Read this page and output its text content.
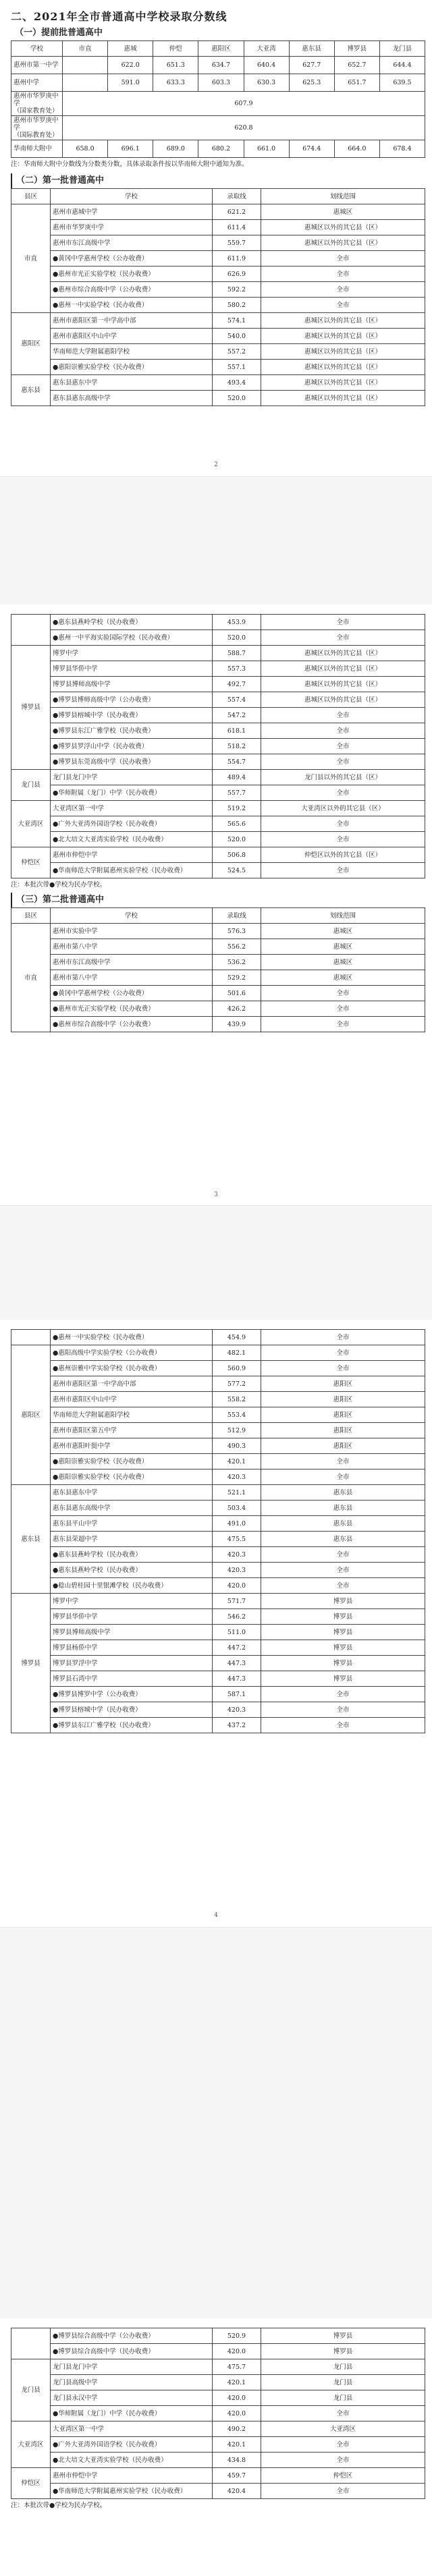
二、2021年全市普通高中学校录取分数线
（一）提前批普通高中
学校	市直	惠城	仲恺	惠阳区	大亚湾	惠东县	博罗县	龙门县
惠州市第一中学		622.0	651.3	634.7	640.4	627.7	652.7	644.4
惠州中学		591.0	633.3	603.3	630.3	625.3	651.7	639.5

惠州市华罗庚中学
（国家教育处）	607.9							

惠州市华罗庚中学
（国际教育处）	620.8							
华南师大附中	658.0	696.1	689.0	680.2	661.0	674.4	664.0	678.4
注：华南师大附中分数线为分数类分数，具体录取条件按以华南师大附中通知为准。
（二）第一批普通高中
县区	学校	录取线	划线范围
市直	惠州市惠城中学	621.2	惠城区
	惠州市华罗庚中学	611.4	惠城区以外的其它县（区）
	惠州市东江高级中学	559.7	惠城区以外的其它县（区）
	●黄冈中学惠州学校（公办收费）	611.9	全市
	●惠州市光正实验学校（民办收费）	626.9	全市
	●惠州市综合高级中学（公办收费）	592.2	全市
	●惠州一中实验学校（民办收费）	580.2	全市
惠阳区	惠州市惠阳区第一中学高中部	574.1	惠城区以外的其它县（区）
	惠州市惠阳区中山中学	540.0	惠城区以外的其它县（区）
	华南师范大学附属惠阳学校	557.2	惠城区以外的其它县（区）
	●惠阳崇雅实验学校（民办收费）	557.1	惠城区以外的其它县（区）
惠东县	惠东县惠东中学	493.4	惠城区以外的其它县（区）
	惠东县惠东高级中学	520.0	惠城区以外的其它县（区）
2
	●惠东县燕岭学校（民办收费）	453.9	全市
	●惠州一中平海实验国际学校（民办收费）	520.0	全市
博罗县	博罗中学	588.7	惠城区以外的其它县（区）
	博罗县华侨中学	557.3	惠城区以外的其它县（区）
	博罗县博师高级中学	492.7	惠城区以外的其它县（区）
	●博罗县博师高级中学（公办收费）	557.4	惠城区以外的其它县（区）
	●博罗县榕城中学（民办收费）	547.2	全市
	●博罗县东江广雅学校（民办收费）	618.1	全市
	●博罗县罗浮山中学（民办收费）	518.2	全市
	●博罗县东莞高级中学（民办收费）	554.7	全市
龙门县	龙门县龙门中学	489.4	龙门县以外的其它县（区）
	●华师附属（龙门）中学（民办收费）	557.7	全市
大亚湾区	大亚湾区第一中学	519.2	大亚湾区以外的其它县（区）
	●广外大亚湾外国语学校（民办收费）	565.6	全市
	●北大培文大亚湾实验学校（民办收费）	520.0	全市
仲恺区	惠州市仲恺中学	506.8	仲恺区以外的其它县（区）
	●华南师范大学附属惠州实验学校（民办收费）	524.5	全市
注：本批次带●学校为民办学校。
（三）第二批普通高中
县区	学校	录取线	划线范围
市直	惠州市实验中学	576.3	惠城区
	惠州市第八中学	556.2	惠城区
	惠州市东江高级中学	536.2	惠城区
	惠州市第八中学	529.2	惠城区
	●黄冈中学惠州学校（公办收费）	501.6	全市
	●惠州市光正实验学校（民办收费）	426.2	全市
	●惠州市综合高级中学（公办收费）	439.9	全市
3
	●惠州一中实验学校（民办收费）	454.9	全市
惠阳区	●惠阳高级中学实验学校（公办收费）	482.1	全市
	●惠州崇雅中学实验学校（民办收费）	560.9	全市
	惠州市惠阳区第一中学高中部	577.2	惠阳区
	惠州市惠阳区中山中学	558.2	惠阳区
	华南师范大学附属惠阳学校	553.4	惠阳区
	惠州市惠阳区第五中学	512.9	惠阳区
	惠州市惠阳叶挺中学	490.3	惠阳区
	●惠阳崇雅实验学校（民办收费）	420.1	全市
	●惠阳崇雅实验学校（民办收费）	420.3	全市
惠东县	惠东县惠东中学	521.1	惠东县
	惠东县惠东高级中学	503.4	惠东县
	惠东县平山中学	491.0	惠东县
	惠东县荣超中学	475.5	惠东县
	●惠东县燕岭学校（民办收费）	420.3	全市
	●惠东县燕岭学校（民办收费）	420.3	全市
	●稔山碧桂园十里银滩学校（民办收费）	420.0	全市
博罗县	博罗中学	571.7	博罗县
	博罗县华侨中学	546.2	博罗县
	博罗县博师高级中学	511.0	博罗县
	博罗县杨侨中学	447.2	博罗县
	博罗县罗浮中学	447.3	博罗县
	博罗县石湾中学	447.3	博罗县
	●博罗县博罗中学（公办收费）	587.1	全市
	●博罗县榕城中学（民办收费）	420.3	全市
	●博罗县东江广雅学校（民办收费）	437.2	全市
4
	●博罗县综合高级中学（公办收费）	520.9	博罗县
	●博罗县综合高级中学（民办收费）	420.0	博罗县
龙门县	龙门县龙门中学	475.7	龙门县
	龙门县高级中学	420.1	龙门县
	龙门县永汉中学	420.0	龙门县
	●华师附属（龙门）中学（民办收费）	420.0	全市
大亚湾区	大亚湾区第一中学	490.2	大亚湾区
	●广外大亚湾外国语学校（民办收费）	420.1	全市
	●北大培文大亚湾实验学校（民办收费）	434.8	全市
仲恺区	惠州市仲恺中学	459.7	仲恺区
	●华南师范大学附属惠州实验学校（民办收费）	420.4	全市
注：本批次带●学校为民办学校。
